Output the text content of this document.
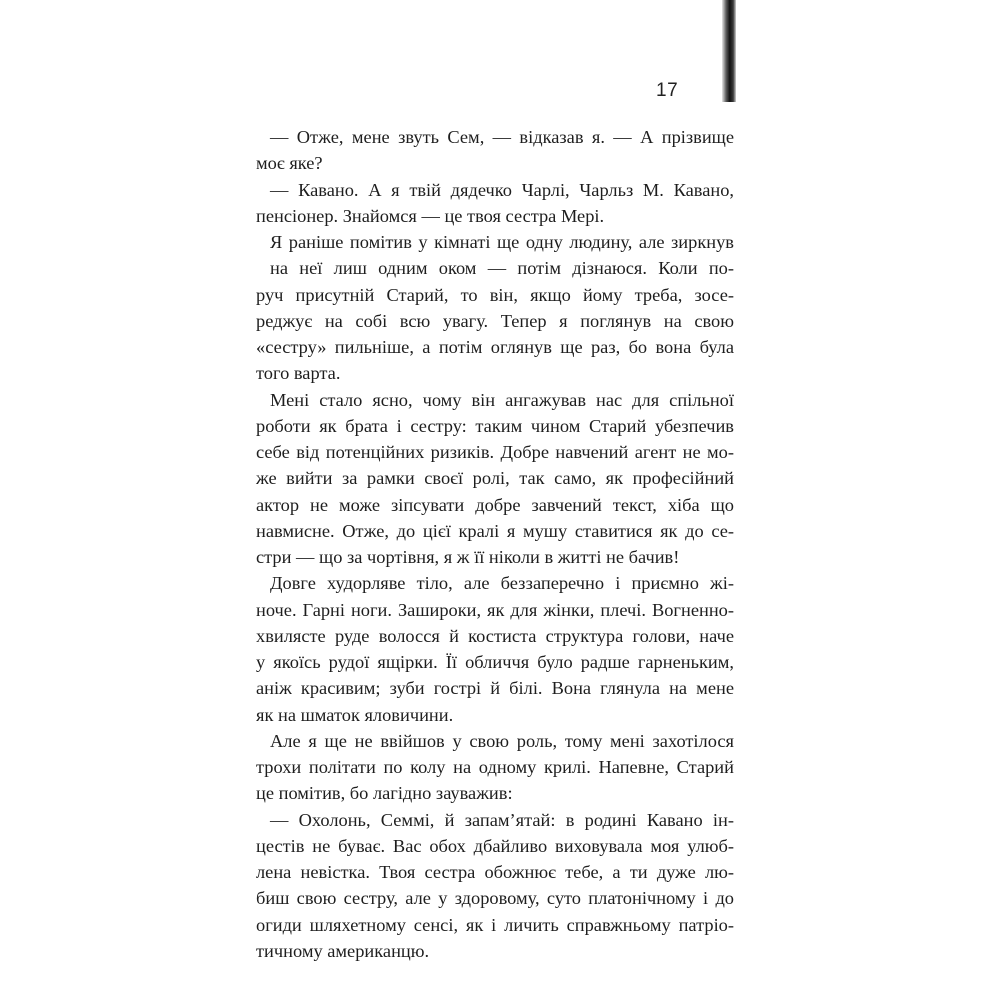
17
— Отже, мене звуть Сем, — відказав я. — А прізвище
моє яке?
— Кавано. А я твій дядечко Чарлі, Чарльз М. Кавано,
пенсіонер. Знайомся — це твоя сестра Мері.
Я раніше помітив у кімнаті ще одну людину, але зиркнув на неї лиш одним оком — потім дізнаюся. Коли по-
руч присутній Старий, то він, якщо йому треба, зосе-
реджує на собі всю увагу. Тепер я поглянув на свою
«сестру» пильніше, а потім оглянув ще раз, бо вона була
того варта.
Мені стало ясно, чому він ангажував нас для спільної
роботи як брата і сестру: таким чином Старий убезпечив
себе від потенційних ризиків. Добре навчений агент не мо-
же вийти за рамки своєї ролі, так само, як професійний
актор не може зіпсувати добре завчений текст, хіба що
навмисне. Отже, до цієї кралі я мушу ставитися як до се-
стри — що за чортівня, я ж її ніколи в житті не бачив!
Довге худорляве тіло, але беззаперечно і приємно жі-
ноче. Гарні ноги. Зашироки, як для жінки, плечі. Вогненно-
хвилясте руде волосся й костиста структура голови, наче
у якоїсь рудої ящірки. Її обличчя було радше гарненьким,
аніж красивим; зуби гострі й білі. Вона глянула на мене
як на шматок яловичини.
Але я ще не ввійшов у свою роль, тому мені захотілося
трохи політати по колу на одному крилі. Напевне, Старий
це помітив, бо лагідно зауважив:
— Охолонь, Семмі, й запам’ятай: в родині Кавано ін-
цестів не буває. Вас обох дбайливо виховувала моя улюб-
лена невістка. Твоя сестра обожнює тебе, а ти дуже лю-
биш свою сестру, але у здоровому, суто платонічному і до
огиди шляхетному сенсі, як і личить справжньому патріо-
тичному американцю.
